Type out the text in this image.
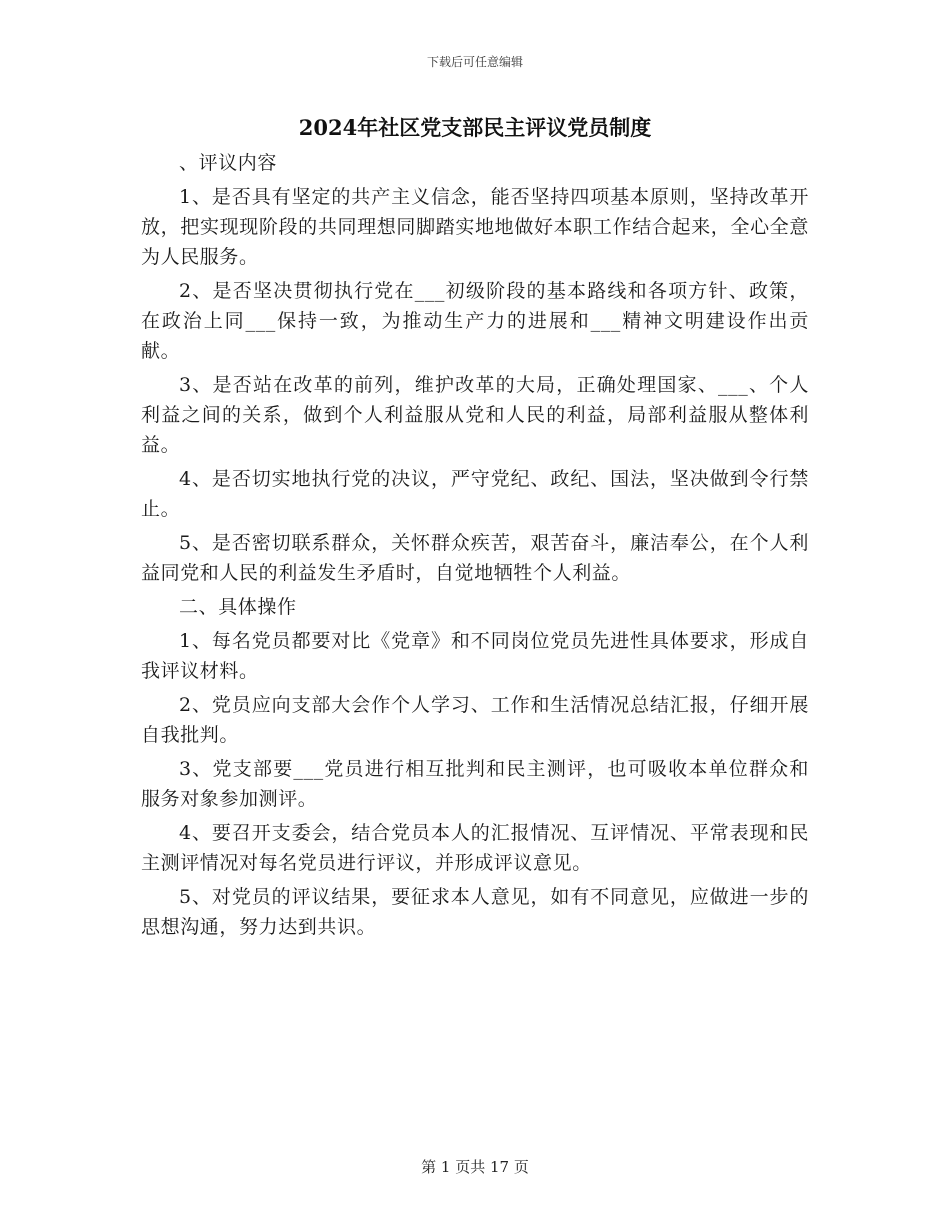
下载后可任意编辑
2024年社区党支部民主评议党员制度

、评议内容

1、是否具有坚定的共产主义信念，能否坚持四项基本原则，坚持改革开放，把实现现阶段的共同理想同脚踏实地地做好本职工作结合起来，全心全意为人民服务。

2、是否坚决贯彻执行党在___初级阶段的基本路线和各项方针、政策，在政治上同___保持一致，为推动生产力的进展和___精神文明建设作出贡献。

3、是否站在改革的前列，维护改革的大局，正确处理国家、___、个人利益之间的关系，做到个人利益服从党和人民的利益，局部利益服从整体利益。

4、是否切实地执行党的决议，严守党纪、政纪、国法，坚决做到令行禁止。

5、是否密切联系群众，关怀群众疾苦，艰苦奋斗，廉洁奉公，在个人利益同党和人民的利益发生矛盾时，自觉地牺牲个人利益。

二、具体操作

1、每名党员都要对比《党章》和不同岗位党员先进性具体要求，形成自我评议材料。

2、党员应向支部大会作个人学习、工作和生活情况总结汇报，仔细开展自我批判。

3、党支部要___党员进行相互批判和民主测评，也可吸收本单位群众和服务对象参加测评。

4、要召开支委会，结合党员本人的汇报情况、互评情况、平常表现和民主测评情况对每名党员进行评议，并形成评议意见。

5、对党员的评议结果，要征求本人意见，如有不同意见，应做进一步的思想沟通，努力达到共识。

第 1 页共 17 页
